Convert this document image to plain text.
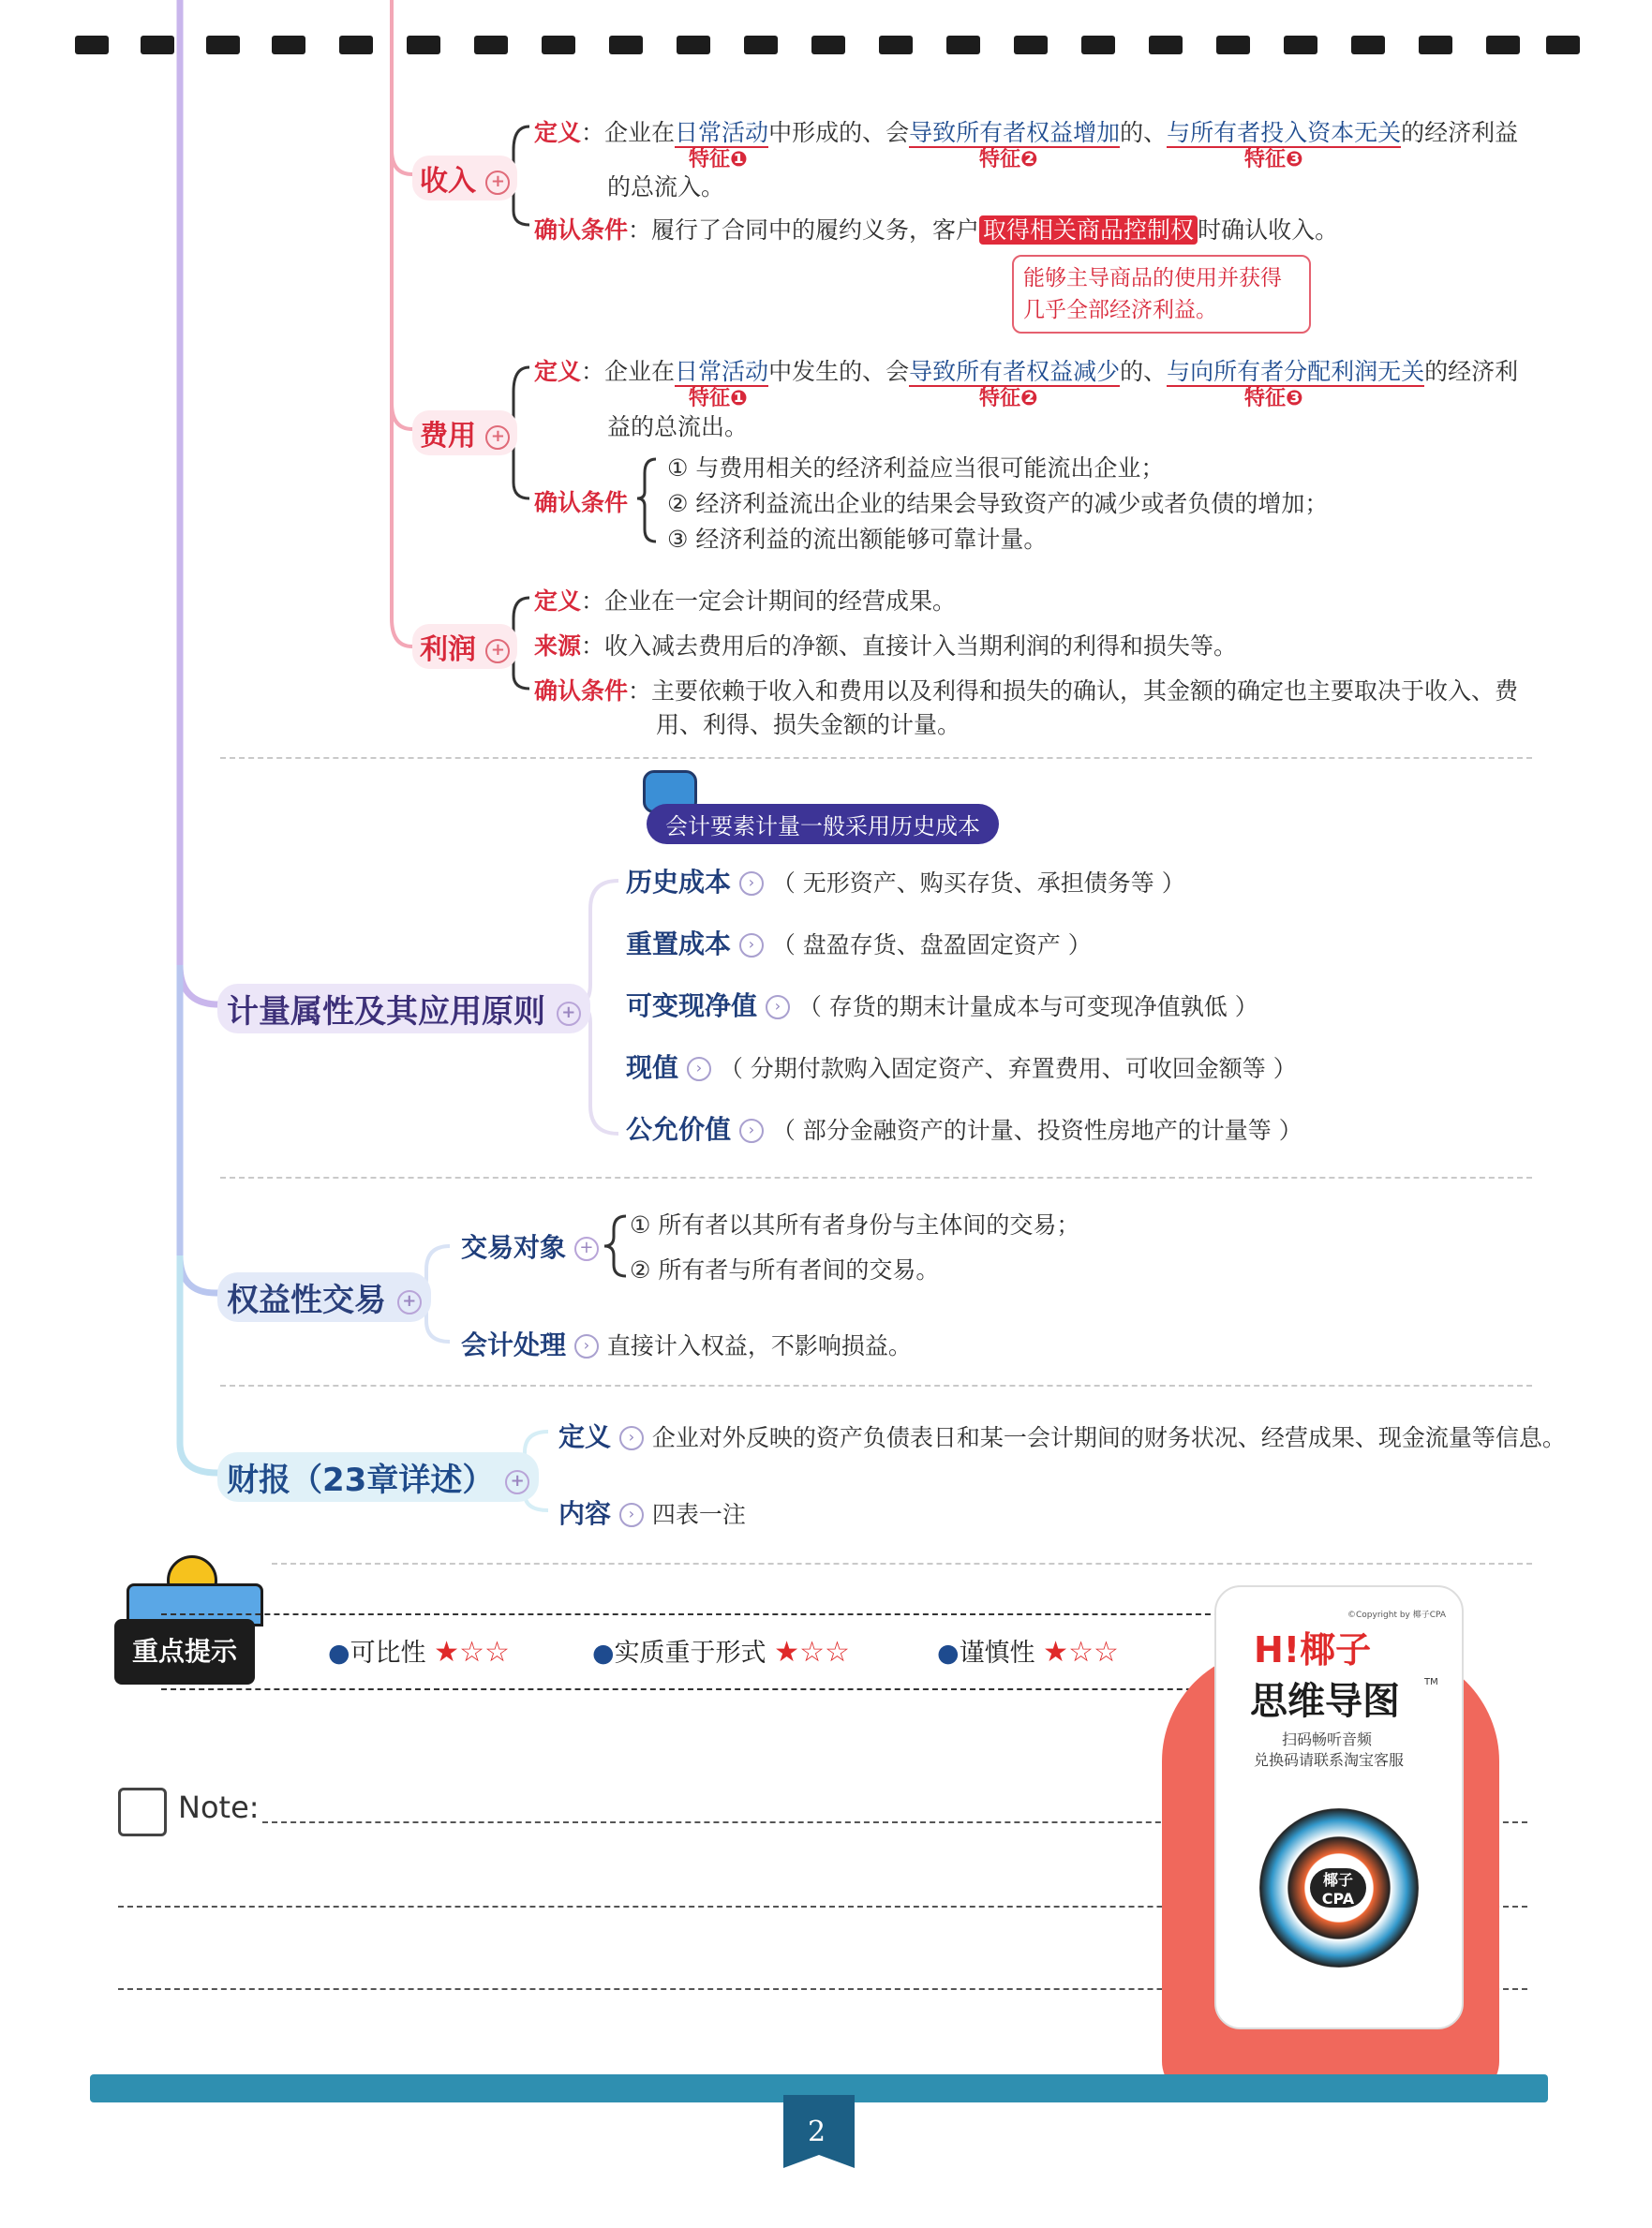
收入 +
定义：企业在日常活动中形成的、会导致所有者权益增加的、与所有者投入资本无关的经济利益
特征❶	特征❷	特征❸
的总流入。
确认条件：履行了合同中的履约义务，客户 取得相关商品控制权 时确认收入。
能够主导商品的使用并获得几乎全部经济利益。
费用 +
定义：企业在日常活动中发生的、会导致所有者权益减少的、与向所有者分配利润无关的经济利
特征❶	特征❷	特征❸
益的总流出。
确认条件
① 与费用相关的经济利益应当很可能流出企业；
② 经济利益流出企业的结果会导致资产的减少或者负债的增加；
③ 经济利益的流出额能够可靠计量。
利润 +
定义：企业在一定会计期间的经营成果。
来源：收入减去费用后的净额、直接计入当期利润的利得和损失等。
确认条件：主要依赖于收入和费用以及利得和损失的确认，其金额的确定也主要取决于收入、费
用、利得、损失金额的计量。
会计要素计量一般采用历史成本
计量属性及其应用原则 +
历史成本 › （ 无形资产、购买存货、承担债务等 ）
重置成本 › （ 盘盈存货、盘盈固定资产 ）
可变现净值 › （ 存货的期末计量成本与可变现净值孰低 ）
现值 › （ 分期付款购入固定资产、弃置费用、可收回金额等 ）
公允价值 › （ 部分金融资产的计量、投资性房地产的计量等 ）
权益性交易 +
交易对象 +
① 所有者以其所有者身份与主体间的交易；
② 所有者与所有者间的交易。
会计处理 › 直接计入权益，不影响损益。
财报（23章详述） +
定义 › 企业对外反映的资产负债表日和某一会计期间的财务状况、经营成果、现金流量等信息。
内容 › 四表一注
重点提示	●可比性 ★☆☆	●实质重于形式 ★☆☆	●谨慎性 ★☆☆
Note:
©Copyright by 椰子CPA
H!椰子
思维导图	TM
扫码畅听音频
兑换码请联系淘宝客服
椰子CPA
2
